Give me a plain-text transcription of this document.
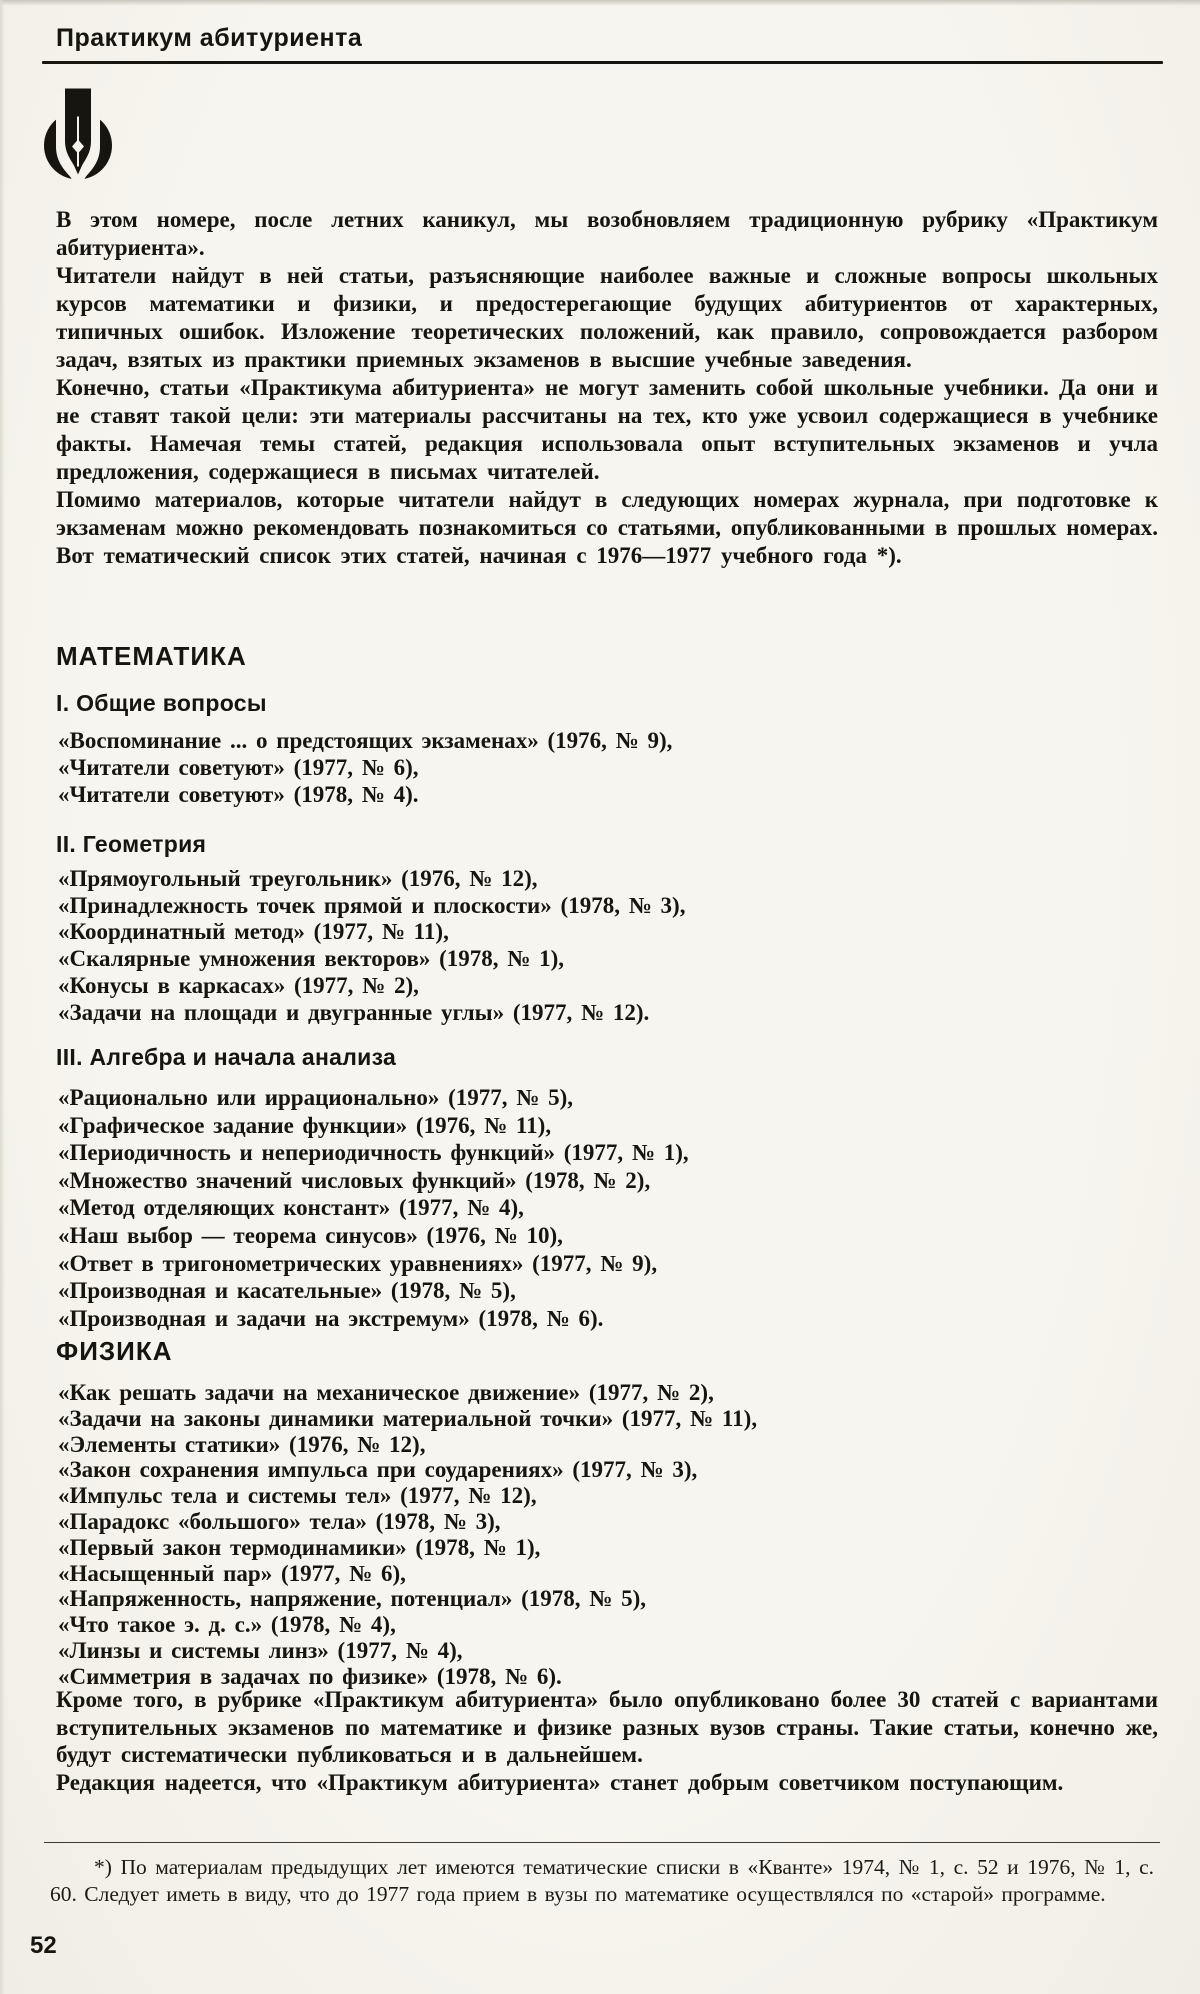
Практикум абитуриента

В этом номере, после летних каникул, мы возобновляем традиционную рубрику «Практикум абитуриента».

Читатели найдут в ней статьи, разъясняющие наиболее важные и сложные вопросы школьных курсов математики и физики, и предостерегающие будущих абитуриентов от характерных, типичных ошибок. Изложение теоретических положений, как правило, сопровождается разбором задач, взятых из практики приемных экзаменов в высшие учебные заведения.

Конечно, статьи «Практикума абитуриента» не могут заменить собой школьные учебники. Да они и не ставят такой цели: эти материалы рассчитаны на тех, кто уже усвоил содержащиеся в учебнике факты. Намечая темы статей, редакция использовала опыт вступительных экзаменов и учла предложения, содержащиеся в письмах читателей.

Помимо материалов, которые читатели найдут в следующих номерах журнала, при подготовке к экзаменам можно рекомендовать познакомиться со статьями, опубликованными в прошлых номерах. Вот тематический список этих статей, начиная с 1976—1977 учебного года *).

МАТЕМАТИКА
I. Общие вопросы
«Воспоминание ... о предстоящих экзаменах» (1976, № 9),
«Читатели советуют» (1977, № 6),
«Читатели советуют» (1978, № 4).
II. Геометрия
«Прямоугольный треугольник» (1976, № 12),
«Принадлежность точек прямой и плоскости» (1978, № 3),
«Координатный метод» (1977, № 11),
«Скалярные умножения векторов» (1978, № 1),
«Конусы в каркасах» (1977, № 2),
«Задачи на площади и двугранные углы» (1977, № 12).
III. Алгебра и начала анализа
«Рационально или иррационально» (1977, № 5),
«Графическое задание функции» (1976, № 11),
«Периодичность и непериодичность функций» (1977, № 1),
«Множество значений числовых функций» (1978, № 2),
«Метод отделяющих констант» (1977, № 4),
«Наш выбор — теорема синусов» (1976, № 10),
«Ответ в тригонометрических уравнениях» (1977, № 9),
«Производная и касательные» (1978, № 5),
«Производная и задачи на экстремум» (1978, № 6).
ФИЗИКА
«Как решать задачи на механическое движение» (1977, № 2),
«Задачи на законы динамики материальной точки» (1977, № 11),
«Элементы статики» (1976, № 12),
«Закон сохранения импульса при соударениях» (1977, № 3),
«Импульс тела и системы тел» (1977, № 12),
«Парадокс «большого» тела» (1978, № 3),
«Первый закон термодинамики» (1978, № 1),
«Насыщенный пар» (1977, № 6),
«Напряженность, напряжение, потенциал» (1978, № 5),
«Что такое э. д. с.» (1978, № 4),
«Линзы и системы линз» (1977, № 4),
«Симметрия в задачах по физике» (1978, № 6).

Кроме того, в рубрике «Практикум абитуриента» было опубликовано более 30 статей с вариантами вступительных экзаменов по математике и физике разных вузов страны. Такие статьи, конечно же, будут систематически публиковаться и в дальнейшем.

Редакция надеется, что «Практикум абитуриента» станет добрым советчиком поступающим.

*) По материалам предыдущих лет имеются тематические списки в «Кванте» 1974, № 1, с. 52 и 1976, № 1, с. 60. Следует иметь в виду, что до 1977 года прием в вузы по математике осуществлялся по «старой» программе.
52
